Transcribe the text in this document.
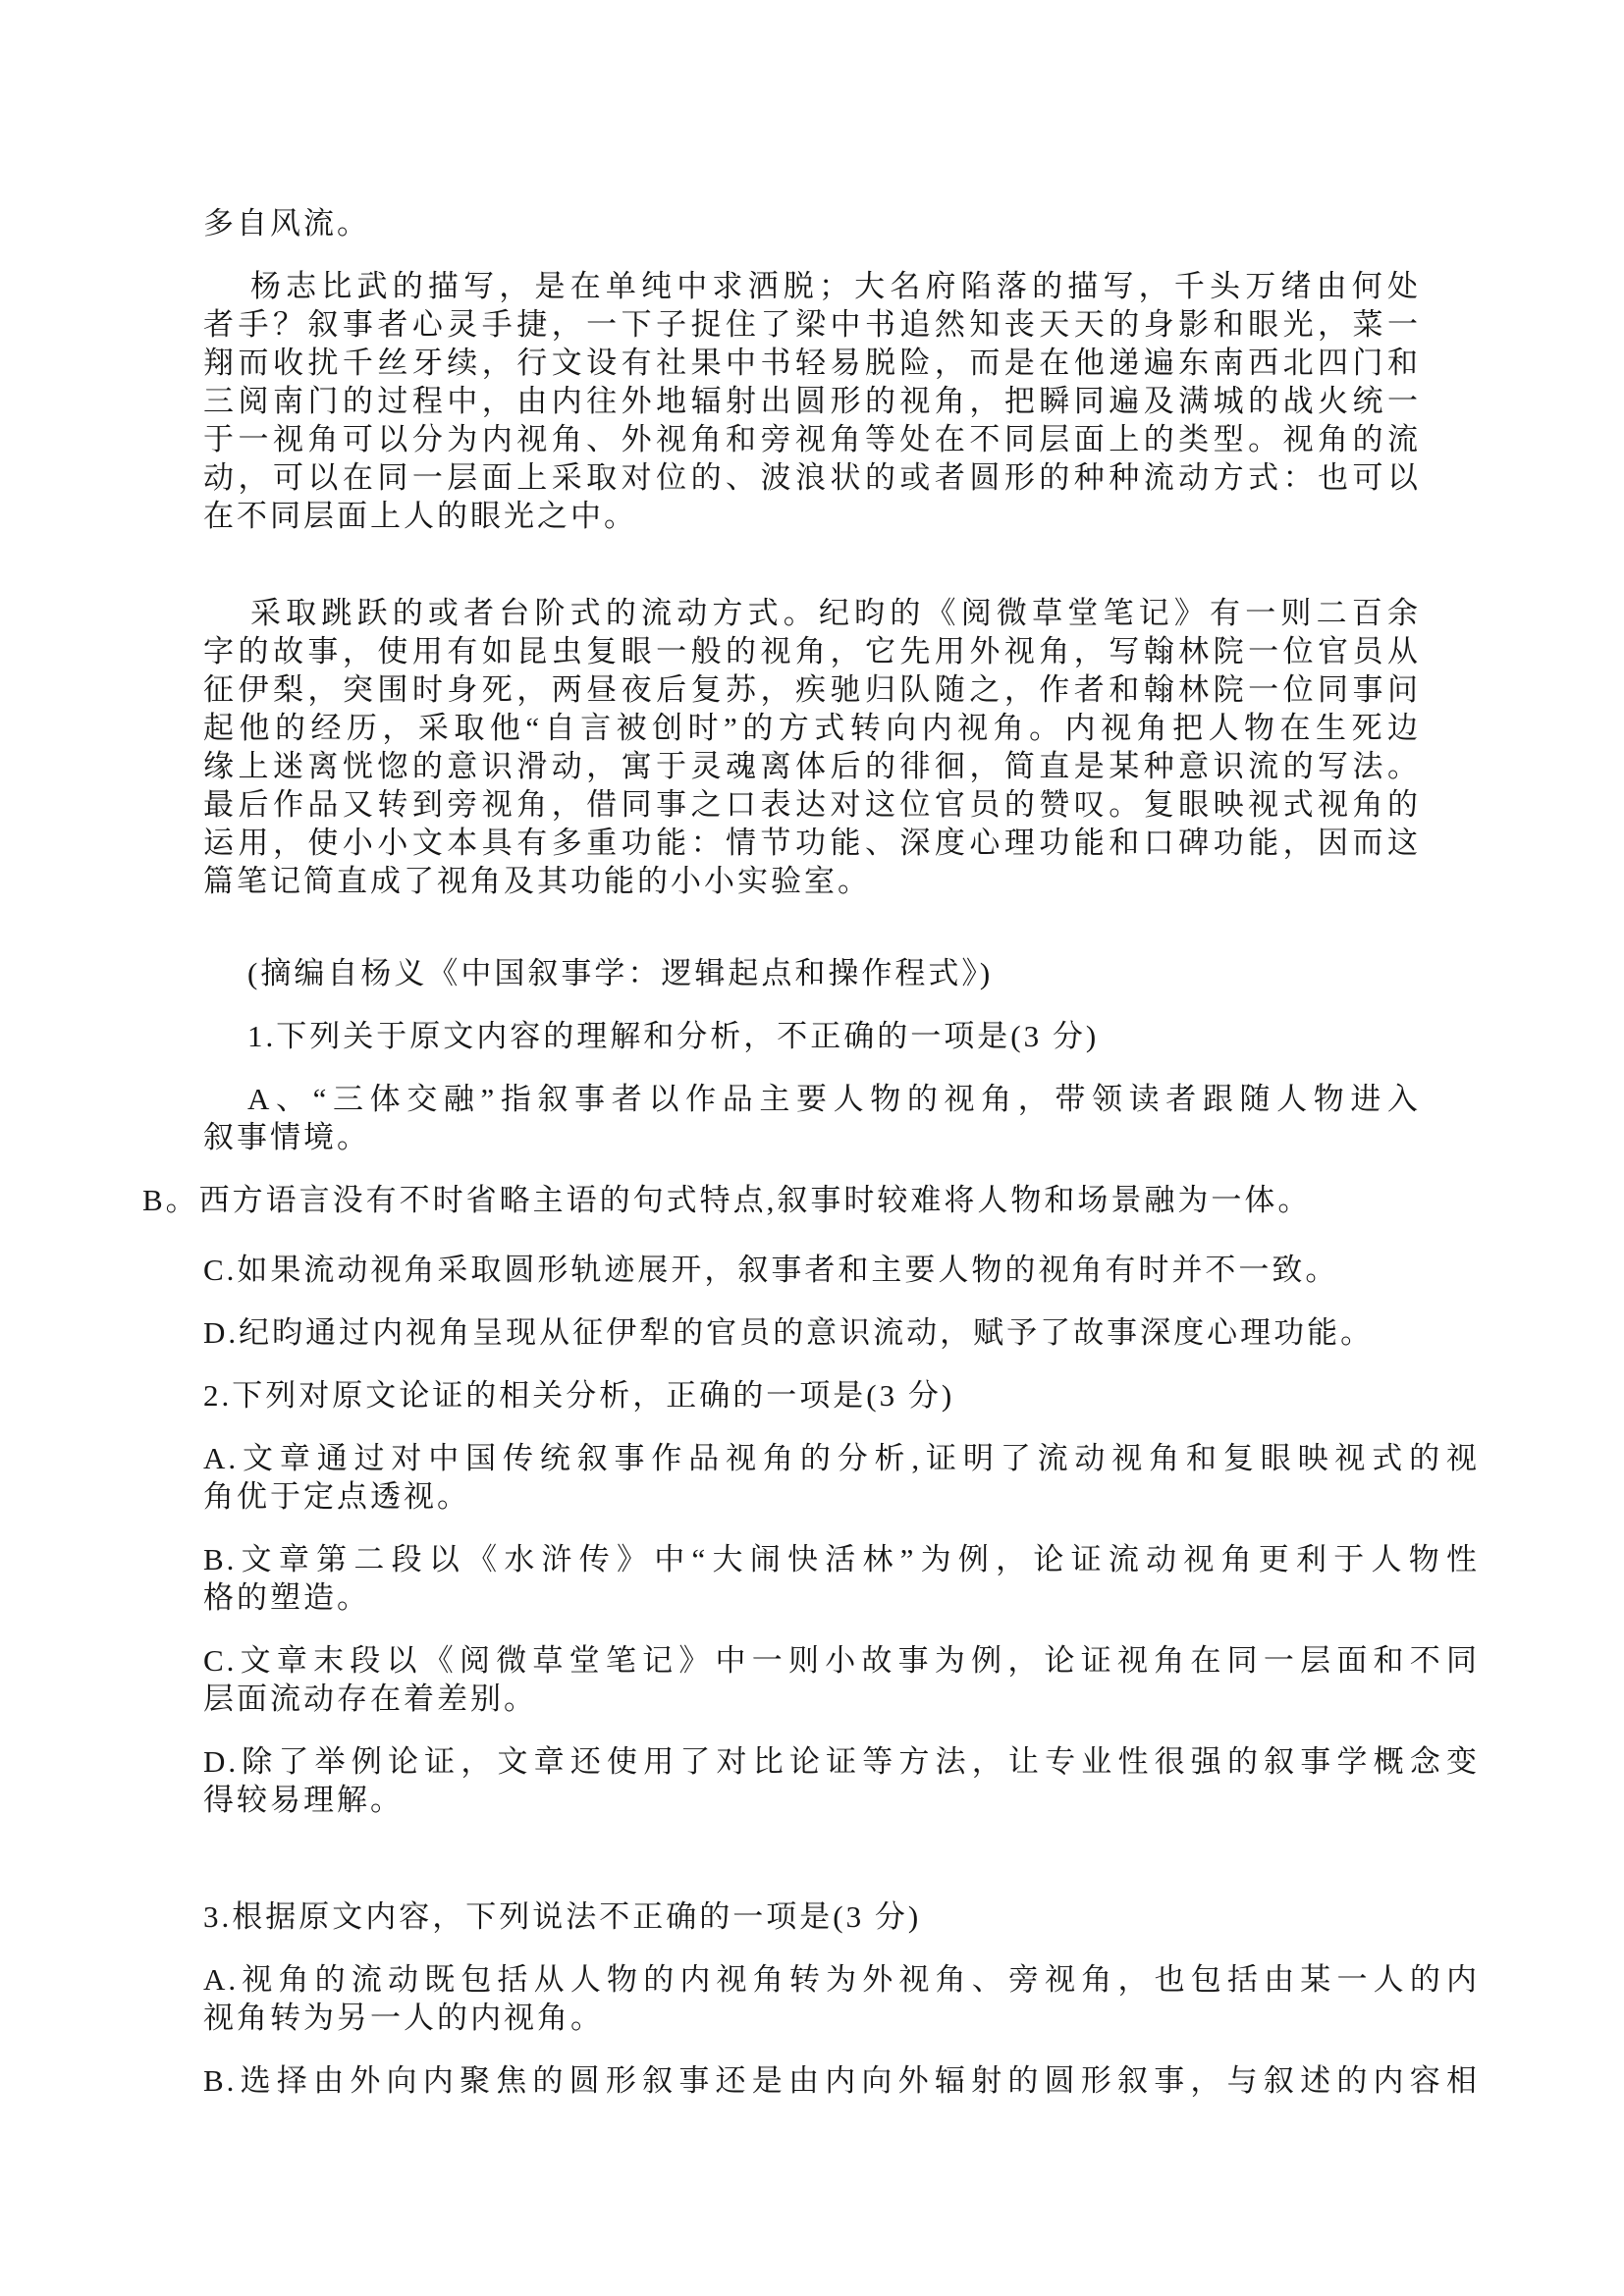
多自风流。
杨志比武的描写，是在单纯中求洒脱；大名府陷落的描写，千头万绪由何处
者手？叙事者心灵手捷，一下子捉住了梁中书追然知丧天天的身影和眼光，菜一
翔而收扰千丝牙续，行文设有社果中书轻易脱险，而是在他递遍东南西北四门和
三阅南门的过程中，由内往外地辐射出圆形的视角，把瞬同遍及满城的战火统一
于一视角可以分为内视角、外视角和旁视角等处在不同层面上的类型。视角的流
动，可以在同一层面上采取对位的、波浪状的或者圆形的种种流动方式：也可以
在不同层面上人的眼光之中。
采取跳跃的或者台阶式的流动方式。纪昀的《阅微草堂笔记》有一则二百余
字的故事，使用有如昆虫复眼一般的视角，它先用外视角，写翰林院一位官员从
征伊梨，突围时身死，两昼夜后复苏，疾驰归队随之，作者和翰林院一位同事问
起他的经历，采取他“自言被创时”的方式转向内视角。内视角把人物在生死边
缘上迷离恍惚的意识滑动，寓于灵魂离体后的徘徊，简直是某种意识流的写法。
最后作品又转到旁视角，借同事之口表达对这位官员的赞叹。复眼映视式视角的
运用，使小小文本具有多重功能：情节功能、深度心理功能和口碑功能，因而这
篇笔记简直成了视角及其功能的小小实验室。
(摘编自杨义《中国叙事学：逻辑起点和操作程式》)
1.下列关于原文内容的理解和分析，不正确的一项是(3 分)
A、“三体交融”指叙事者以作品主要人物的视角，带领读者跟随人物进入
叙事情境。
B。西方语言没有不时省略主语的句式特点,叙事时较难将人物和场景融为一体。
C.如果流动视角采取圆形轨迹展开，叙事者和主要人物的视角有时并不一致。
D.纪昀通过内视角呈现从征伊犁的官员的意识流动，赋予了故事深度心理功能。
2.下列对原文论证的相关分析，正确的一项是(3 分)
A.文章通过对中国传统叙事作品视角的分析,证明了流动视角和复眼映视式的视
角优于定点透视。
B.文章第二段以《水浒传》中“大闹快活林”为例，论证流动视角更利于人物性
格的塑造。
C.文章末段以《阅微草堂笔记》中一则小故事为例，论证视角在同一层面和不同
层面流动存在着差别。
D.除了举例论证，文章还使用了对比论证等方法，让专业性很强的叙事学概念变
得较易理解。
3.根据原文内容，下列说法不正确的一项是(3 分)
A.视角的流动既包括从人物的内视角转为外视角、旁视角，也包括由某一人的内
视角转为另一人的内视角。
B.选择由外向内聚焦的圆形叙事还是由内向外辐射的圆形叙事，与叙述的内容相
